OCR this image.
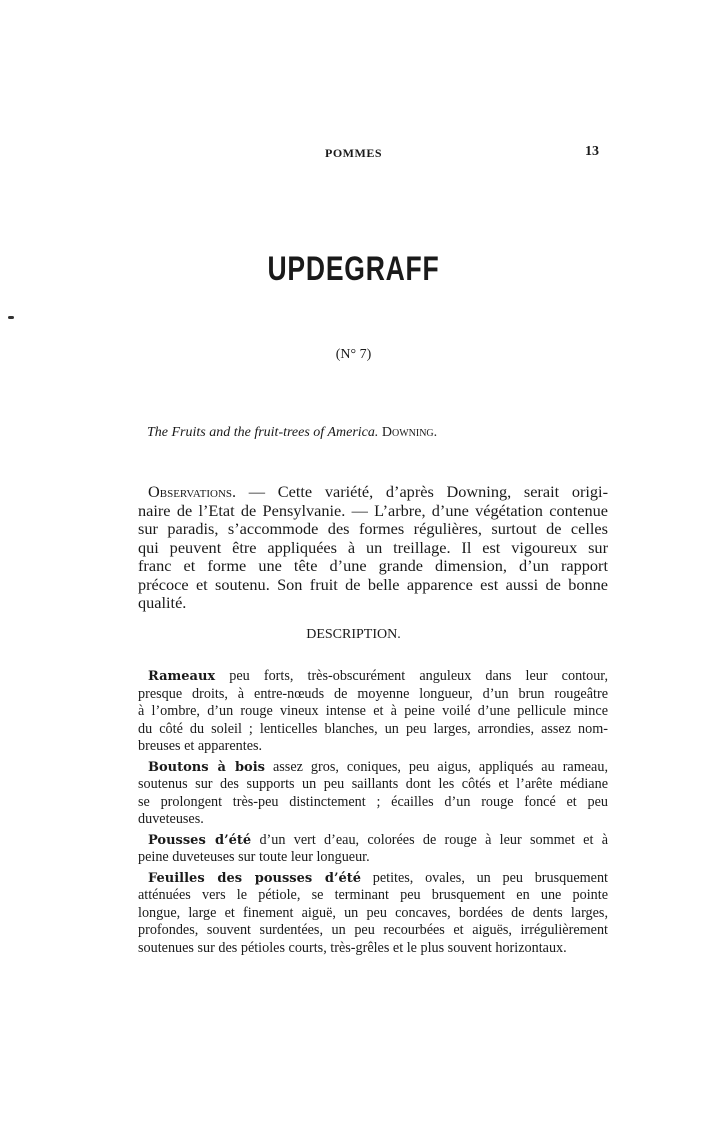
POMMES	13
UPDEGRAFF
(N° 7)
The Fruits and the fruit-trees of America. Downing.
Observations. — Cette variété, d’après Downing, serait origi-
naire de l’Etat de Pensylvanie. — L’arbre, d’une végétation contenue
sur paradis, s’accommode des formes régulières, surtout de celles
qui peuvent être appliquées à un treillage. Il est vigoureux sur
franc et forme une tête d’une grande dimension, d’un rapport
précoce et soutenu. Son fruit de belle apparence est aussi de bonne
qualité.
DESCRIPTION.
Rameaux peu forts, très-obscurément anguleux dans leur contour,
presque droits, à entre-nœuds de moyenne longueur, d’un brun rougeâtre
à l’ombre, d’un rouge vineux intense et à peine voilé d’une pellicule mince
du côté du soleil ; lenticelles blanches, un peu larges, arrondies, assez nom-
breuses et apparentes.
Boutons à bois assez gros, coniques, peu aigus, appliqués au rameau,
soutenus sur des supports un peu saillants dont les côtés et l’arête médiane
se prolongent très-peu distinctement ; écailles d’un rouge foncé et peu
duveteuses.
Pousses d’été d’un vert d’eau, colorées de rouge à leur sommet et à
peine duveteuses sur toute leur longueur.
Feuilles des pousses d’été petites, ovales, un peu brusquement
atténuées vers le pétiole, se terminant peu brusquement en une pointe
longue, large et finement aiguë, un peu concaves, bordées de dents larges,
profondes, souvent surdentées, un peu recourbées et aiguës, irrégulièrement
soutenues sur des pétioles courts, très-grêles et le plus souvent horizontaux.
